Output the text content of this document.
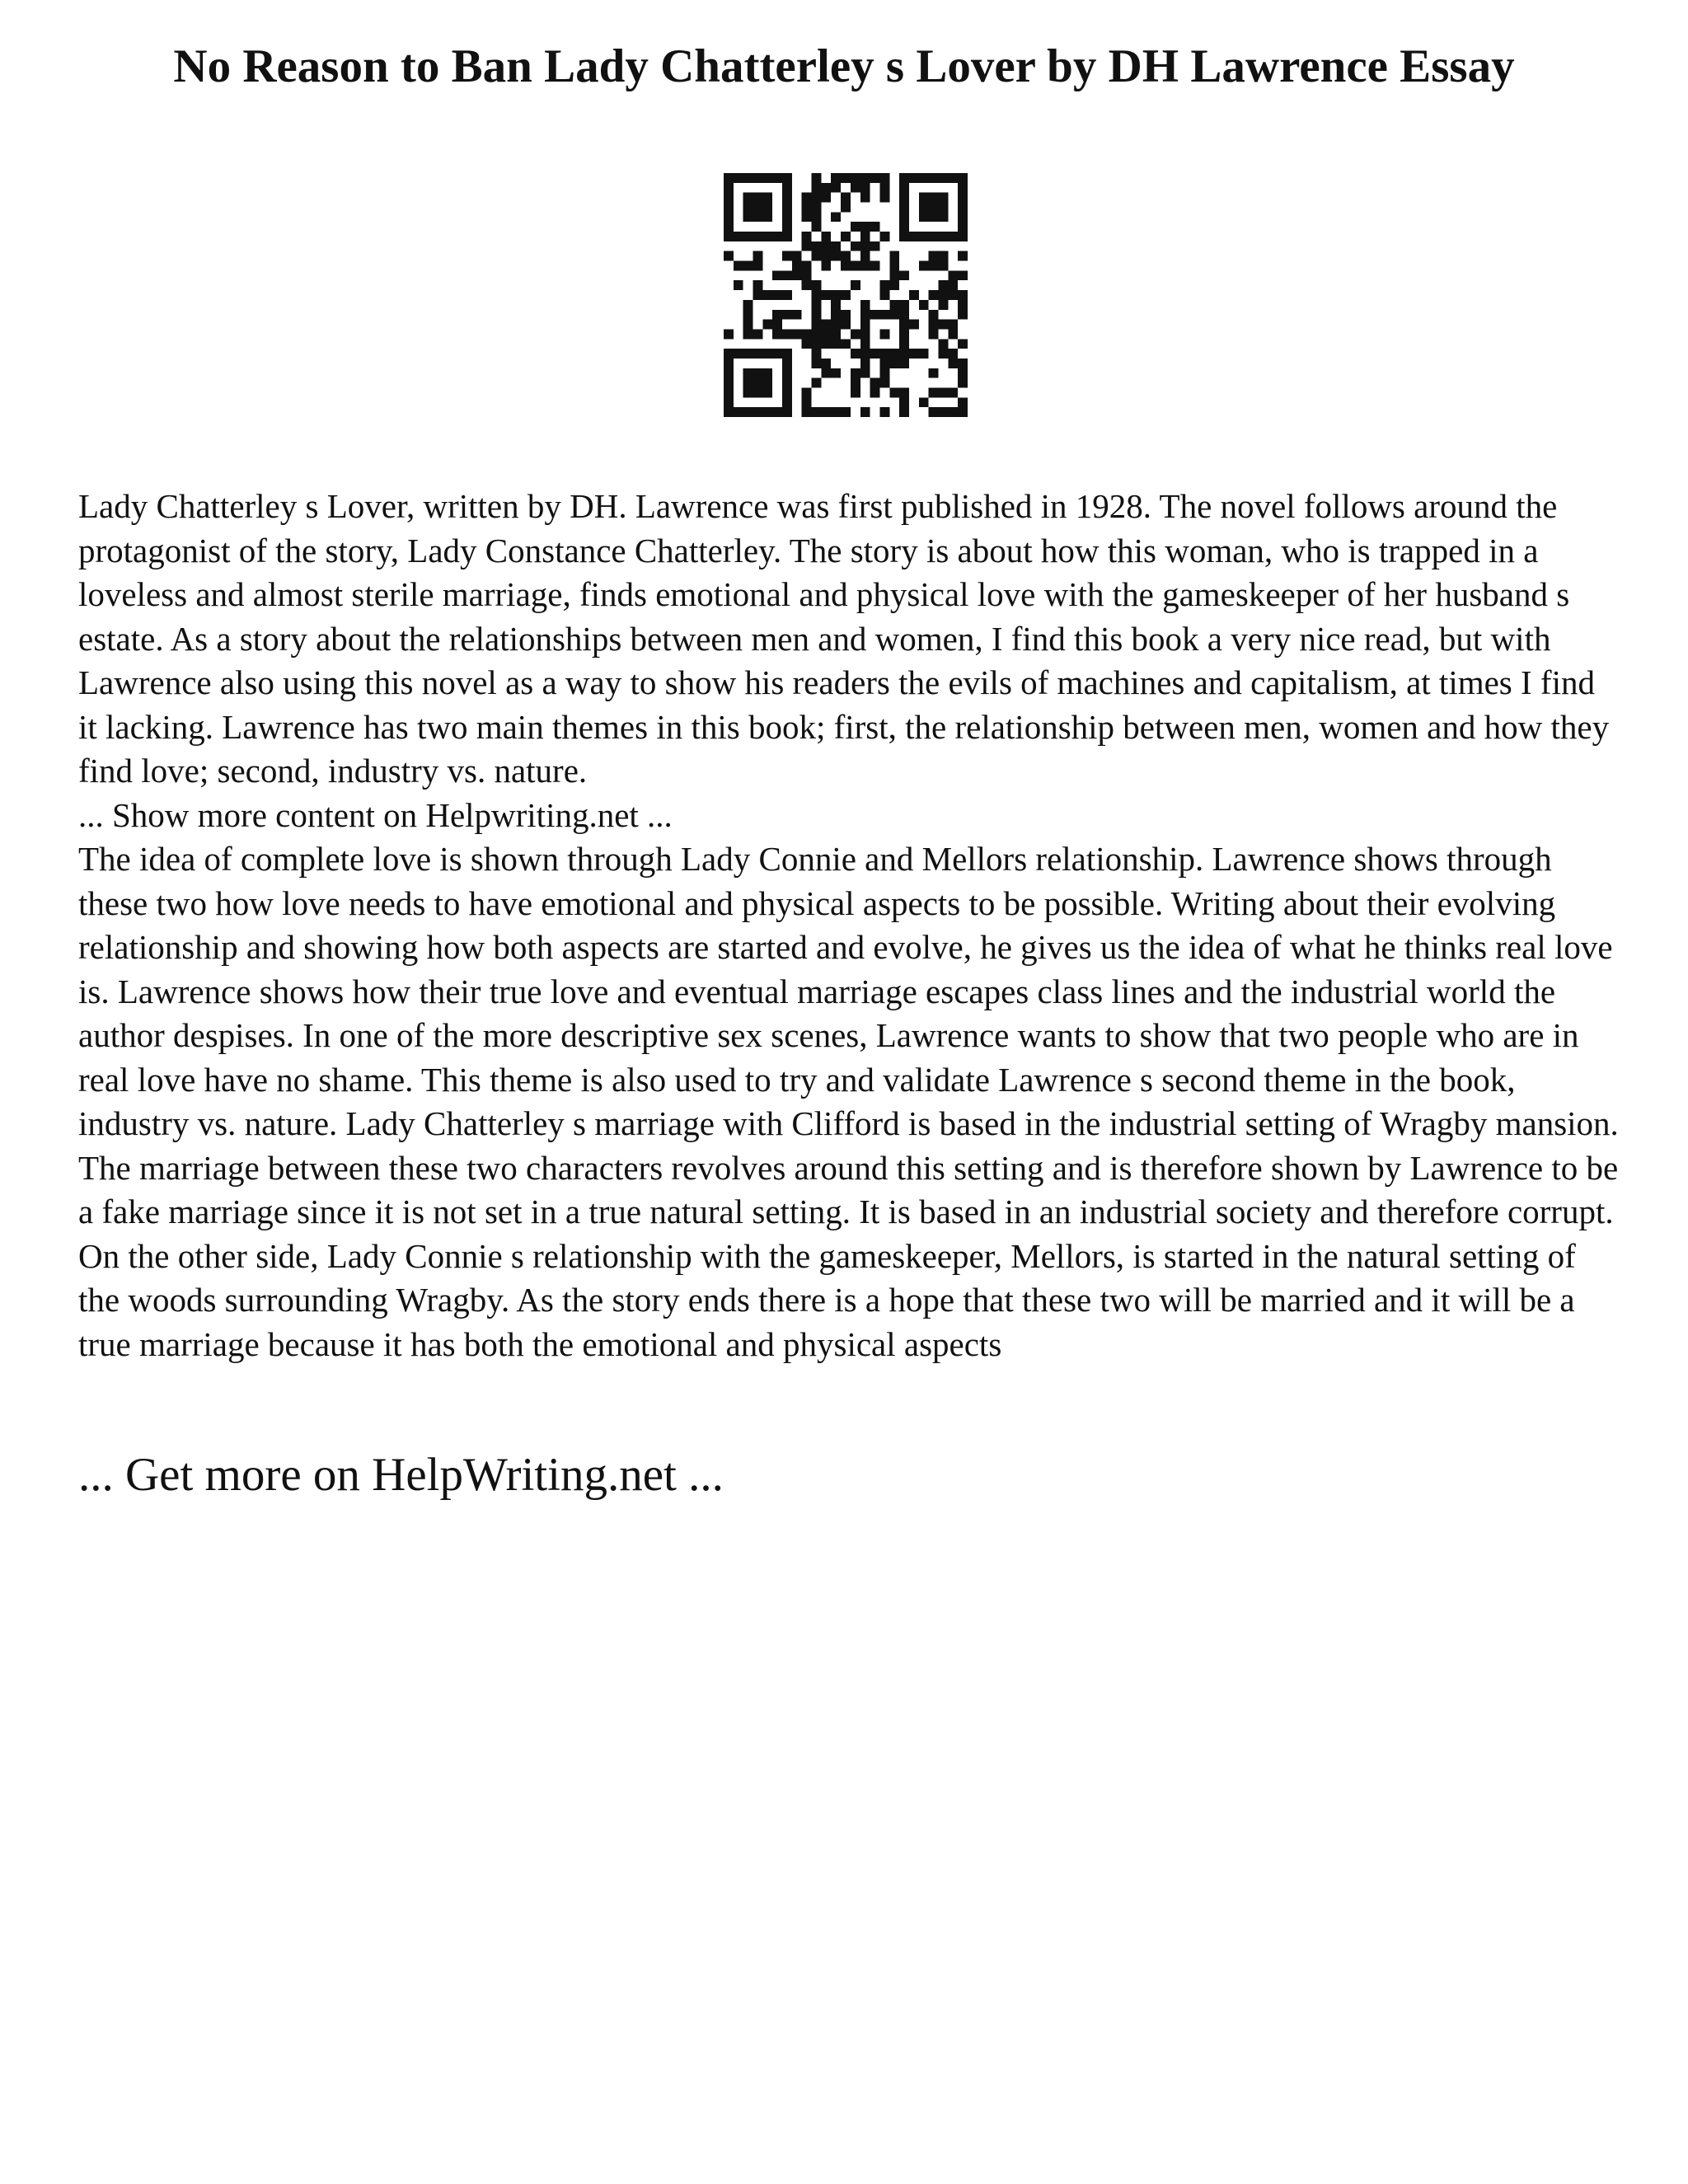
No Reason to Ban Lady Chatterley s Lover by DH Lawrence Essay

Lady Chatterley s Lover, written by DH. Lawrence was first published in 1928. The novel follows around the protagonist of the story, Lady Constance Chatterley. The story is about how this woman, who is trapped in a loveless and almost sterile marriage, finds emotional and physical love with the gameskeeper of her husband s estate. As a story about the relationships between men and women, I find this book a very nice read, but with Lawrence also using this novel as a way to show his readers the evils of machines and capitalism, at times I find it lacking. Lawrence has two main themes in this book; first, the relationship between men, women and how they find love; second, industry vs. nature.

... Show more content on Helpwriting.net ...

The idea of complete love is shown through Lady Connie and Mellors relationship. Lawrence shows through these two how love needs to have emotional and physical aspects to be possible. Writing about their evolving relationship and showing how both aspects are started and evolve, he gives us the idea of what he thinks real love is. Lawrence shows how their true love and eventual marriage escapes class lines and the industrial world the author despises. In one of the more descriptive sex scenes, Lawrence wants to show that two people who are in real love have no shame. This theme is also used to try and validate Lawrence s second theme in the book, industry vs. nature. Lady Chatterley s marriage with Clifford is based in the industrial setting of Wragby mansion. The marriage between these two characters revolves around this setting and is therefore shown by Lawrence to be a fake marriage since it is not set in a true natural setting. It is based in an industrial society and therefore corrupt. On the other side, Lady Connie s relationship with the gameskeeper, Mellors, is started in the natural setting of the woods surrounding Wragby. As the story ends there is a hope that these two will be married and it will be a true marriage because it has both the emotional and physical aspects

... Get more on HelpWriting.net ...
